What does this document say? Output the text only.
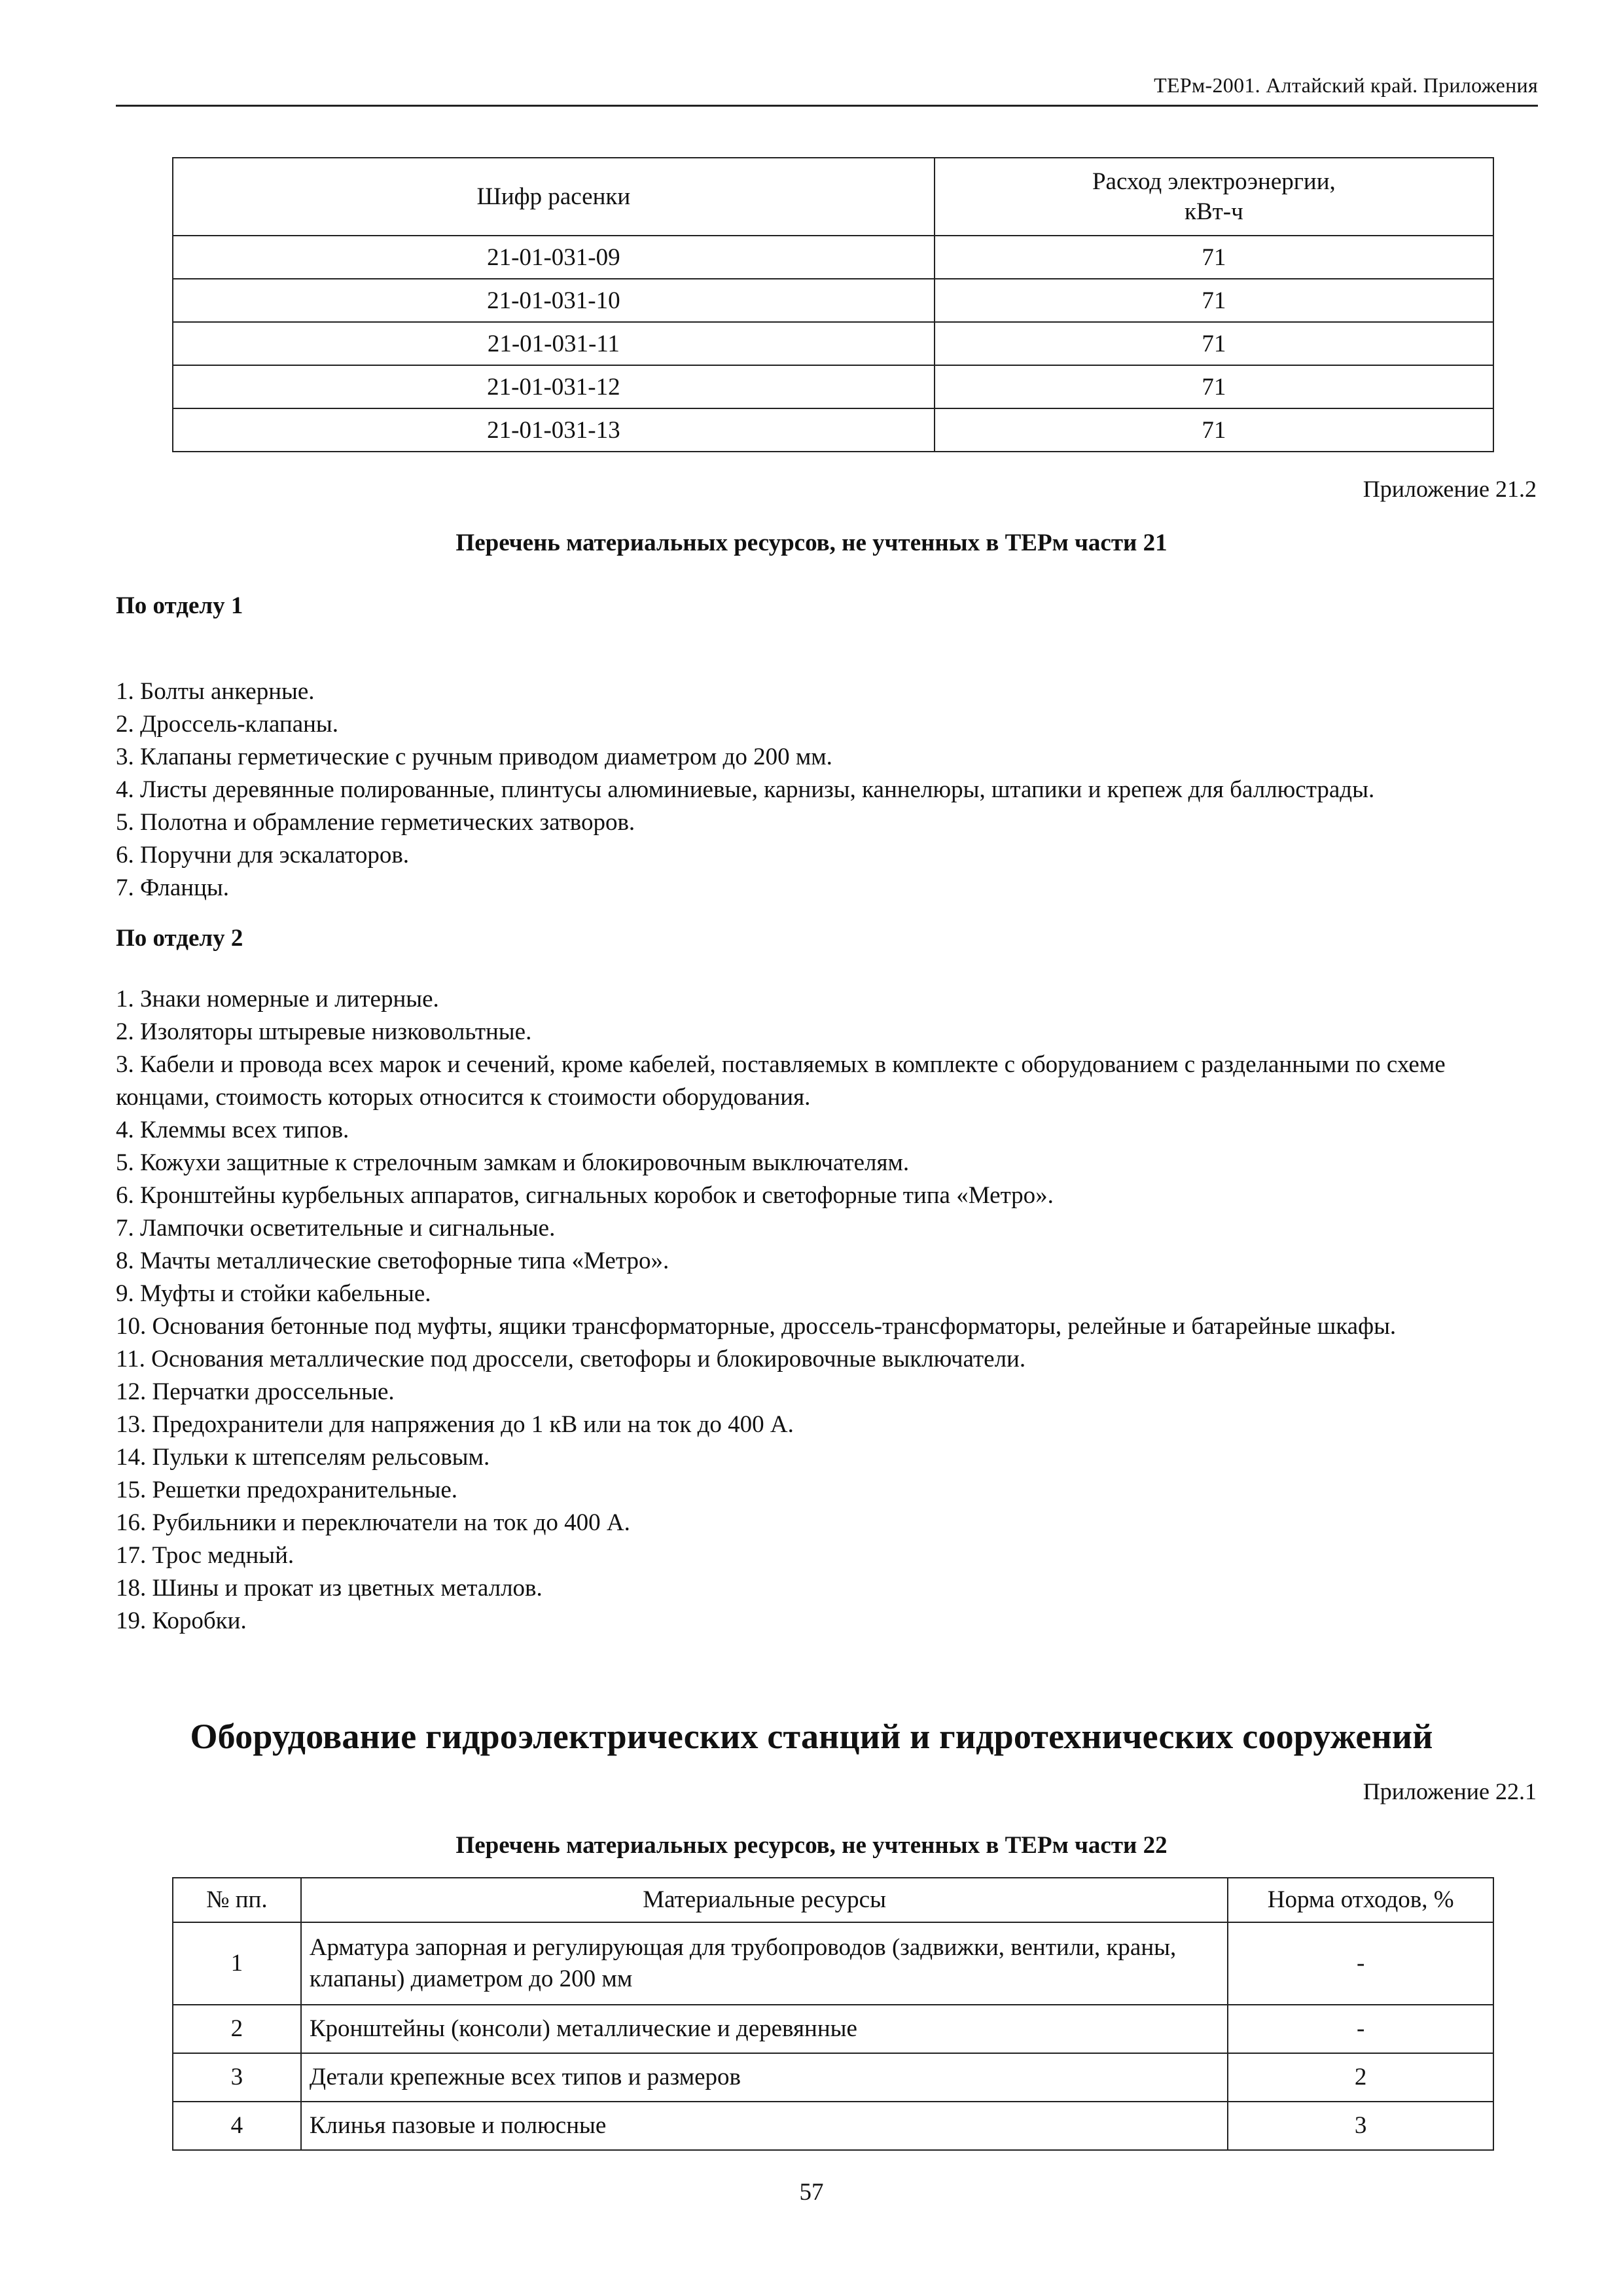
ТЕРм-2001. Алтайский край. Приложения
Шифр расенки	Расход электроэнергии,
кВт-ч

21-01-031-09	71
21-01-031-10	71
21-01-031-11	71
21-01-031-12	71
21-01-031-13	71
Приложение 21.2
Перечень материальных ресурсов, не учтенных в ТЕРм части 21
По отделу 1
1. Болты анкерные.
2. Дроссель-клапаны.
3. Клапаны герметические с ручным приводом диаметром до 200 мм.
4. Листы деревянные полированные, плинтусы алюминиевые, карнизы, каннелюры, штапики и крепеж для баллюстрады.
5. Полотна и обрамление герметических затворов.
6. Поручни для эскалаторов.
7. Фланцы.
По отделу 2
1. Знаки номерные и литерные.
2. Изоляторы штыревые низковольтные.
3. Кабели и провода всех марок и сечений, кроме кабелей, поставляемых в комплекте с оборудованием с разделанными по схеме концами, стоимость которых относится к стоимости оборудования.
4. Клеммы всех типов.
5. Кожухи защитные к стрелочным замкам и блокировочным выключателям.
6. Кронштейны курбельных аппаратов, сигнальных коробок и светофорные типа «Метро».
7. Лампочки осветительные и сигнальные.
8. Мачты металлические светофорные типа «Метро».
9. Муфты и стойки кабельные.
10. Основания бетонные под муфты, ящики трансформаторные, дроссель-трансформаторы, релейные и батарейные шкафы.
11. Основания металлические под дроссели, светофоры и блокировочные выключатели.
12. Перчатки дроссельные.
13. Предохранители для напряжения до 1 кВ или на ток до 400 А.
14. Пульки к штепселям рельсовым.
15. Решетки предохранительные.
16. Рубильники и переключатели на ток до 400 А.
17. Трос медный.
18. Шины и прокат из цветных металлов.
19. Коробки.
Оборудование гидроэлектрических станций и гидротехнических сооружений
Приложение 22.1
Перечень материальных ресурсов, не учтенных в ТЕРм части 22
№ пп.	Материальные ресурсы	Норма отходов, %
1	Арматура запорная и регулирующая для трубопроводов (задвижки, вентили, краны, клапаны) диаметром до 200 мм	-
2	Кронштейны (консоли) металлические и деревянные	-
3	Детали крепежные всех типов и размеров	2
4	Клинья пазовые и полюсные	3
57
